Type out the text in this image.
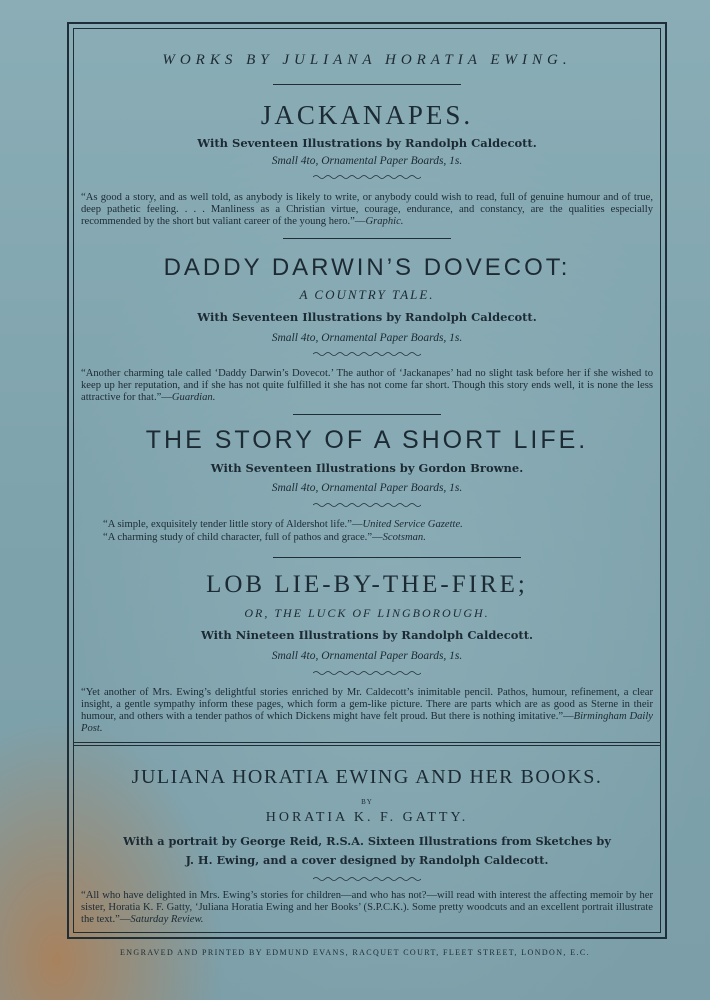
WORKS BY JULIANA HORATIA EWING.
JACKANAPES.
With Seventeen Illustrations by Randolph Caldecott.
Small 4to, Ornamental Paper Boards, 1s.
“As good a story, and as well told, as anybody is likely to write, or anybody could wish to read, full of genuine humour and of true, deep pathetic feeling. . . . Manliness as a Christian virtue, courage, endurance, and constancy, are the qualities especially recommended by the short but valiant career of the young hero.”—Graphic.
DADDY DARWIN’S DOVECOT:
A COUNTRY TALE.
With Seventeen Illustrations by Randolph Caldecott.
Small 4to, Ornamental Paper Boards, 1s.
“Another charming tale called ‘Daddy Darwin’s Dovecot.’ The author of ‘Jackanapes’ had no slight task before her if she wished to keep up her reputation, and if she has not quite fulfilled it she has not come far short. Though this story ends well, it is none the less attractive for that.”—Guardian.
THE STORY OF A SHORT LIFE.
With Seventeen Illustrations by Gordon Browne.
Small 4to, Ornamental Paper Boards, 1s.
“A simple, exquisitely tender little story of Aldershot life.”—United Service Gazette.
“A charming study of child character, full of pathos and grace.”—Scotsman.
LOB LIE-BY-THE-FIRE;
OR, THE LUCK OF LINGBOROUGH.
With Nineteen Illustrations by Randolph Caldecott.
Small 4to, Ornamental Paper Boards, 1s.
“Yet another of Mrs. Ewing’s delightful stories enriched by Mr. Caldecott’s inimitable pencil. Pathos, humour, refinement, a clear insight, a gentle sympathy inform these pages, which form a gem-like picture. There are parts which are as good as Sterne in their humour, and others with a tender pathos of which Dickens might have felt proud. But there is nothing imitative.”—Birmingham Daily Post.
JULIANA HORATIA EWING AND HER BOOKS.
BY
HORATIA K. F. GATTY.
With a portrait by George Reid, R.S.A. Sixteen Illustrations from Sketches by
J. H. Ewing, and a cover designed by Randolph Caldecott.
“All who have delighted in Mrs. Ewing’s stories for children—and who has not?—will read with interest the affecting memoir by her sister, Horatia K. F. Gatty, ‘Juliana Horatia Ewing and her Books’ (S.P.C.K.). Some pretty woodcuts and an excellent portrait illustrate the text.”—Saturday Review.
ENGRAVED AND PRINTED BY EDMUND EVANS, RACQUET COURT, FLEET STREET, LONDON, E.C.
